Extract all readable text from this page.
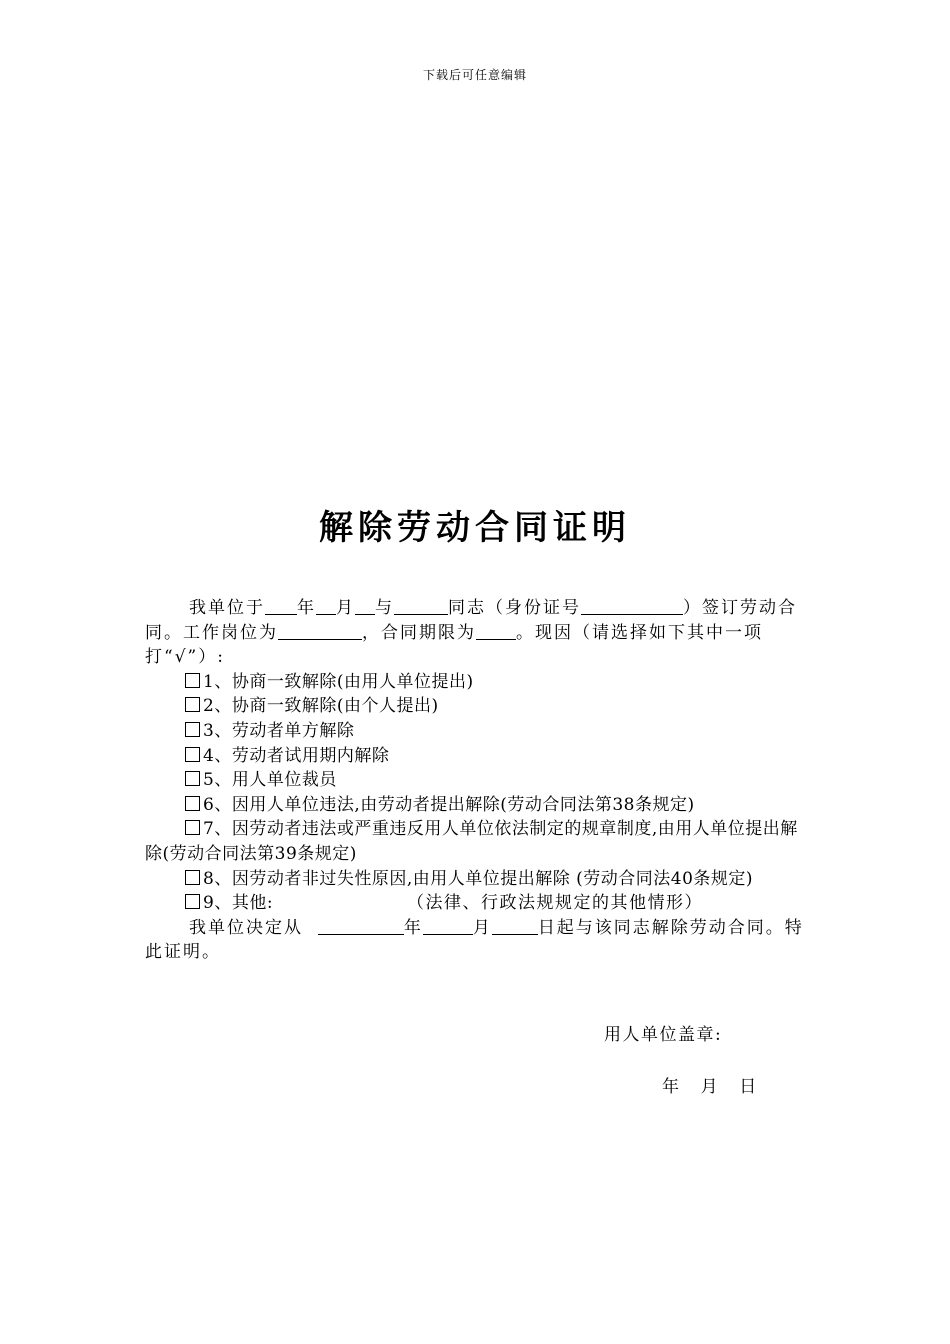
下载后可任意编辑
解除劳动合同证明

我单位于 年 月 与	同志（身份证号	）签订劳动合同。工作岗位为	，合同期限为 。现因（请选择如下其中一项打“√”）:

1、协商一致解除(由用人单位提出)

2、协商一致解除(由个人提出)

3、劳动者单方解除

4、劳动者试用期内解除

5、用人单位裁员

6、因用人单位违法,由劳动者提出解除(劳动合同法第38条规定)

7、因劳动者违法或严重违反用人单位依法制定的规章制度,由用人单位提出解除(劳动合同法第39条规定)

8、因劳动者非过失性原因,由用人单位提出解除 (劳动合同法40条规定)

9、其他:	（法律、行政法规规定的其他情形）

我单位决定从	年	月	日起与该同志解除劳动合同。特此证明。

用人单位盖章:
年    月    日
